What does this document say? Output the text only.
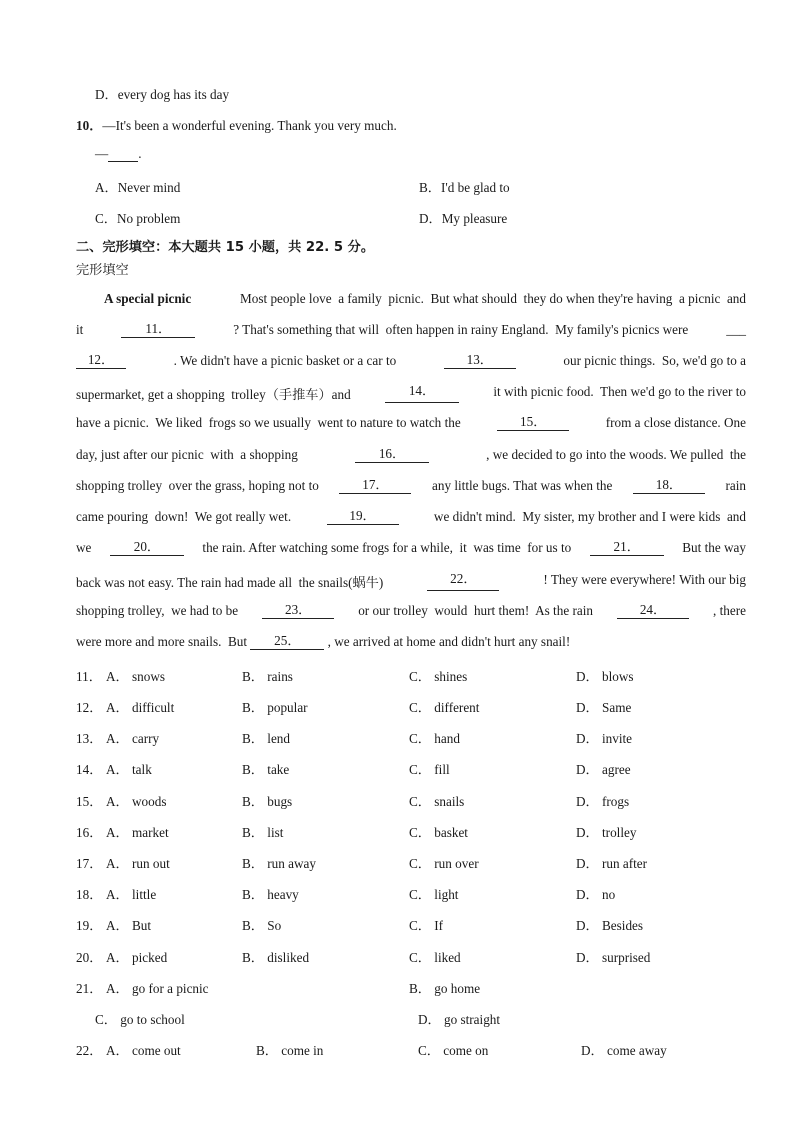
D．every dog has its day
10．—It's been a wonderful evening. Thank you very much.
— .
A．Never mind	B．I'd be glad to
C．No problem	D．My pleasure
二、完形填空：本大题共 15 小题，共 22. 5 分。
完形填空
A special picnic	Most people love  a family  picnic.  But what should  they do when they're having  a picnic  and
it	11．	? That's something that will  often happen in rainy England.  My family's picnics were	___
12．	. We didn't have a picnic basket or a car to	13．	our picnic things.  So, we'd go to a
supermarket, get a shopping  trolley（手推车）and	14．	it with picnic food.  Then we'd go to the river to
have a picnic.  We liked  frogs so we usually  went to nature to watch the	15．	from a close distance. One
day, just after our picnic  with  a shopping	16．	, we decided to go into the woods. We pulled  the
shopping trolley  over the grass, hoping not to	17．	any little bugs. That was when the	18．	rain
came pouring  down!  We got really wet.	19．	we didn't mind.  My sister, my brother and I were kids  and
we	20．	the rain. After watching some frogs for a while,  it  was time  for us to	21．	But the way
back was not easy. The rain had made all  the snails(蜗牛)	22．	! They were everywhere! With our big
shopping trolley,  we had to be	23．	or our trolley  would  hurt them!  As the rain	24．	, there
were more and more snails.  But
	25．
	, we arrived at home and didn't hurt any snail!
11． A． snows	B． rains	C． shines	D． blows
12． A． difficult	B． popular	C． different	D． Same
13． A． carry	B． lend	C． hand	D． invite
14． A． talk	B． take	C． fill	D． agree
15． A． woods	B． bugs	C． snails	D． frogs
16． A． market	B． list	C． basket	D． trolley
17． A． run out	B． run away	C． run over	D． run after
18． A． little	B． heavy	C． light	D． no
19． A． But	B． So	C． If	D． Besides
20． A． picked	B． disliked	C． liked	D． surprised
21． A． go for a picnic	B． go home
C． go to school	D． go straight
22． A． come out	B． come in	C． come on	D． come away
